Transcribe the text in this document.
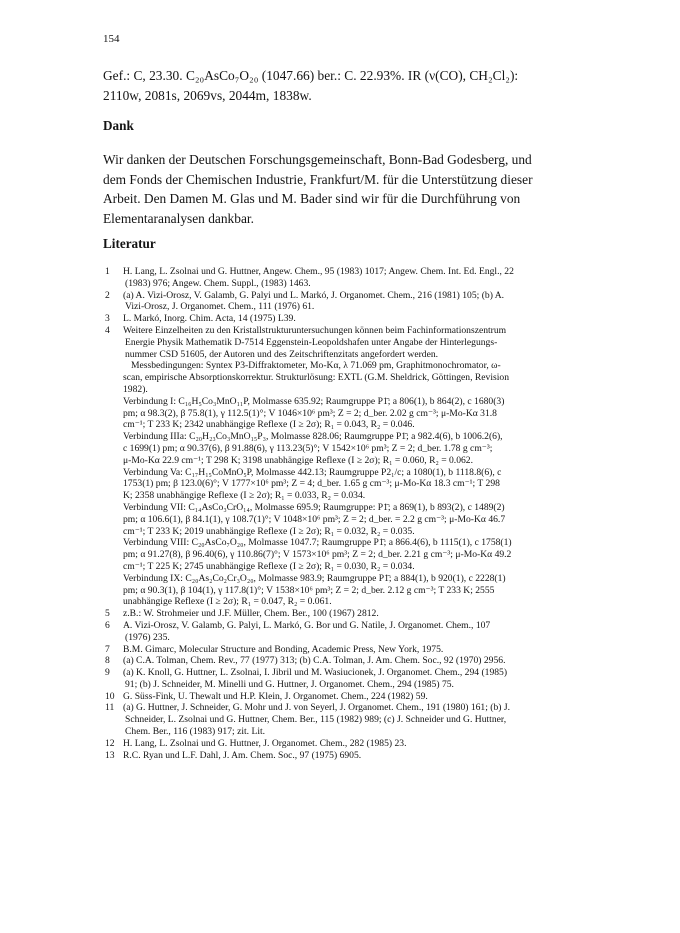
154
Gef.: C, 23.30. C₂₀AsCo₇O₂₀ (1047.66) ber.: C. 22.93%. IR (ν(CO), CH₂Cl₂):
2110w, 2081s, 2069vs, 2044m, 1838w.
Dank
Wir danken der Deutschen Forschungsgemeinschaft, Bonn-Bad Godesberg, und
dem Fonds der Chemischen Industrie, Frankfurt/M. für die Unterstützung dieser
Arbeit. Den Damen M. Glas und M. Bader sind wir für die Durchführung von
Elementaranalysen dankbar.
Literatur
1 H. Lang, L. Zsolnai und G. Huttner, Angew. Chem., 95 (1983) 1017; Angew. Chem. Int. Ed. Engl., 22
(1983) 976; Angew. Chem. Suppl., (1983) 1463.
2 (a) A. Vizi-Orosz, V. Galamb, G. Palyi und L. Markó, J. Organomet. Chem., 216 (1981) 105; (b) A.
Vizi-Orosz, J. Organomet. Chem., 111 (1976) 61.
3 L. Markó, Inorg. Chim. Acta, 14 (1975) L39.
4 Weitere Einzelheiten zu den Kristallstrukturuntersuchungen können beim Fachinformationszentrum
Energie Physik Mathematik D-7514 Eggenstein-Leopoldshafen unter Angabe der Hinterlegungs-
nummer CSD 51605, der Autoren und des Zeitschriftenzitats angefordert werden.
Messbedingungen: Syntex P3-Diffraktometer, Mo-Kα, λ 71.069 pm, Graphitmonochromator, ω-
scan, empirische Absorptionskorrektur. Strukturlösung: EXTL (G.M. Sheldrick, Göttingen, Revision
1982).
Verbindung I: C₁₆H₅Co₃MnO₁₁P, Molmasse 635.92; Raumgruppe P1̄; a 806(1), b 864(2), c 1680(3)
pm; α 98.3(2), β 75.8(1), γ 112.5(1)°; V 1046×10⁶ pm³; Z = 2; d_ber. 2.02 g cm⁻³; μ-Mo-Kα 31.8
cm⁻¹; T 233 K; 2342 unabhängige Reflexe (I ≥ 2σ); R₁ = 0.043, R₂ = 0.046.
Verbindung IIIa: C₂₀H₂₃Co₃MnO₁₅P₃, Molmasse 828.06; Raumgruppe P1̄; a 982.4(6), b 1006.2(6),
c 1699(1) pm; α 90.37(6), β 91.88(6), γ 113.23(5)°; V 1542×10⁶ pm³; Z = 2; d_ber. 1.78 g cm⁻³;
μ-Mo-Kα 22.9 cm⁻¹; T 298 K; 3198 unabhängige Reflexe (I ≥ 2σ); R₁ = 0.060, R₂ = 0.062.
Verbindung Va: C₁₇H₁₅CoMnO₅P, Molmasse 442.13; Raumgruppe P2₁/c; a 1080(1), b 1118.8(6), c
1753(1) pm; β 123.0(6)°; V 1777×10⁶ pm³; Z = 4; d_ber. 1.65 g cm⁻³; μ-Mo-Kα 18.3 cm⁻¹; T 298
K; 2358 unabhängige Reflexe (I ≥ 2σ); R₁ = 0.033, R₂ = 0.034.
Verbindung VII: C₁₄AsCo₃CrO₁₄, Molmasse 695.9; Raumgruppe: P1̄; a 869(1), b 893(2), c 1489(2)
pm; α 106.6(1), β 84.1(1), γ 108.7(1)°; V 1048×10⁶ pm³; Z = 2; d_ber. = 2.2 g cm⁻³; μ-Mo-Kα 46.7
cm⁻¹; T 233 K; 2019 unabhängige Reflexe (I ≥ 2σ); R₁ = 0.032, R₂ = 0.035.
Verbindung VIII: C₂₀AsCo₇O₂₀, Molmasse 1047.7; Raumgruppe P1̄; a 866.4(6), b 1115(1), c 1758(1)
pm; α 91.27(8), β 96.40(6), γ 110.86(7)°; V 1573×10⁶ pm³; Z = 2; d_ber. 2.21 g cm⁻³; μ-Mo-Kα 49.2
cm⁻¹; T 225 K; 2745 unabhängige Reflexe (I ≥ 2σ); R₁ = 0.030, R₂ = 0.034.
Verbindung IX: C₂₀As₂Co₂Cr₃O₂₀, Molmasse 983.9; Raumgruppe P1̄; a 884(1), b 920(1), c 2228(1)
pm; α 90.3(1), β 104(1), γ 117.8(1)°; V 1538×10⁶ pm³; Z = 2; d_ber. 2.12 g cm⁻³; T 233 K; 2555
unabhängige Reflexe (I ≥ 2σ); R₁ = 0.047, R₂ = 0.061.
5 z.B.: W. Strohmeier und J.F. Müller, Chem. Ber., 100 (1967) 2812.
6 A. Vizi-Orosz, V. Galamb, G. Palyi, L. Markó, G. Bor und G. Natile, J. Organomet. Chem., 107
(1976) 235.
7 B.M. Gimarc, Molecular Structure and Bonding, Academic Press, New York, 1975.
8 (a) C.A. Tolman, Chem. Rev., 77 (1977) 313; (b) C.A. Tolman, J. Am. Chem. Soc., 92 (1970) 2956.
9 (a) K. Knoll, G. Huttner, L. Zsolnai, I. Jibril und M. Wasiucionek, J. Organomet. Chem., 294 (1985)
91; (b) J. Schneider, M. Minelli und G. Huttner, J. Organomet. Chem., 294 (1985) 75.
10 G. Süss-Fink, U. Thewalt und H.P. Klein, J. Organomet. Chem., 224 (1982) 59.
11 (a) G. Huttner, J. Schneider, G. Mohr und J. von Seyerl, J. Organomet. Chem., 191 (1980) 161; (b) J.
Schneider, L. Zsolnai und G. Huttner, Chem. Ber., 115 (1982) 989; (c) J. Schneider und G. Huttner,
Chem. Ber., 116 (1983) 917; zit. Lit.
12 H. Lang, L. Zsolnai und G. Huttner, J. Organomet. Chem., 282 (1985) 23.
13 R.C. Ryan und L.F. Dahl, J. Am. Chem. Soc., 97 (1975) 6905.
